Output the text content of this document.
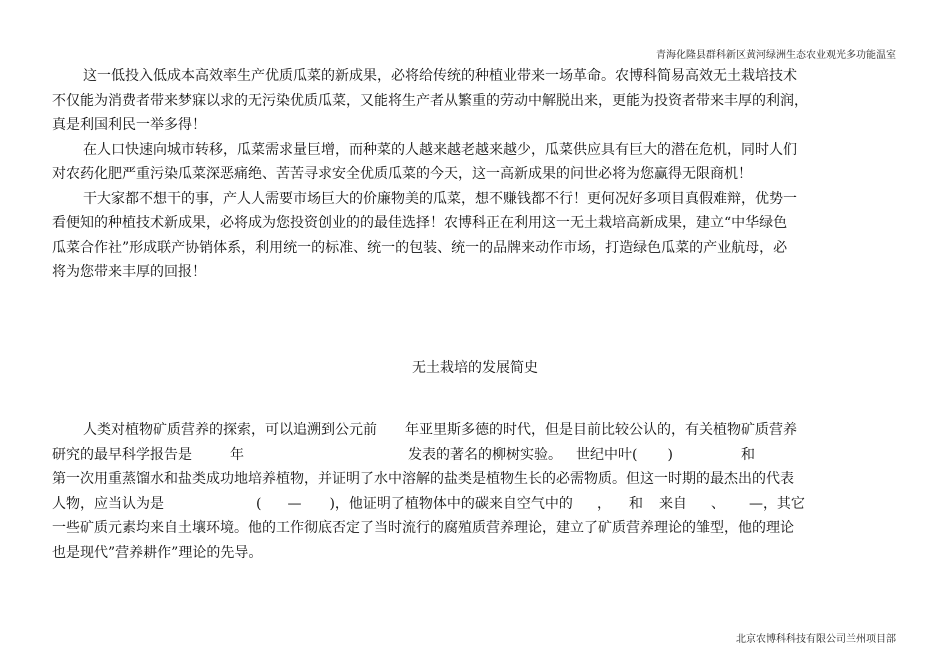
青海化隆县群科新区黄河绿洲生态农业观光多功能温室
这一低投入低成本高效率生产优质瓜菜的新成果，必将给传统的种植业带来一场革命。农博科简易高效无土栽培技术
不仅能为消费者带来梦寐以求的无污染优质瓜菜，又能将生产者从繁重的劳动中解脱出来，更能为投资者带来丰厚的利润，
真是利国利民一举多得！
在人口快速向城市转移，瓜菜需求量巨增，而种菜的人越来越老越来越少，瓜菜供应具有巨大的潜在危机，同时人们
对农药化肥严重污染瓜菜深恶痛绝、苦苦寻求安全优质瓜菜的今天，这一高新成果的问世必将为您赢得无限商机！
干大家都不想干的事，产人人需要市场巨大的价廉物美的瓜菜，想不赚钱都不行！更何况好多项目真假难辩，优势一
看便知的种植技术新成果，必将成为您投资创业的的最佳选择！农博科正在利用这一无土栽培高新成果，建立“中华绿色
瓜菜合作社”形成联产协销体系，利用统一的标准、统一的包装、统一的品牌来动作市场，打造绿色瓜菜的产业航母，必
将为您带来丰厚的回报！
无土栽培的发展简史
人类对植物矿质营养的探索，可以追溯到公元前 年亚里斯多德的时代，但是目前比较公认的，有关植物矿质营养
研究的最早科学报告是	年	发表的著名的柳树实验。 世纪中叶( )	和
第一次用重蒸馏水和盐类成功地培养植物，并证明了水中溶解的盐类是植物生长的必需物质。但这一时期的最杰出的代表
人物，应当认为是	( — )，他证明了植物体中的碳来自空气中的 ， 和 来自 、 —，其它
一些矿质元素均来自土壤环境。他的工作彻底否定了当时流行的腐殖质营养理论，建立了矿质营养理论的雏型，他的理论
也是现代”营养耕作”理论的先导。
北京农博科科技有限公司兰州项目部
